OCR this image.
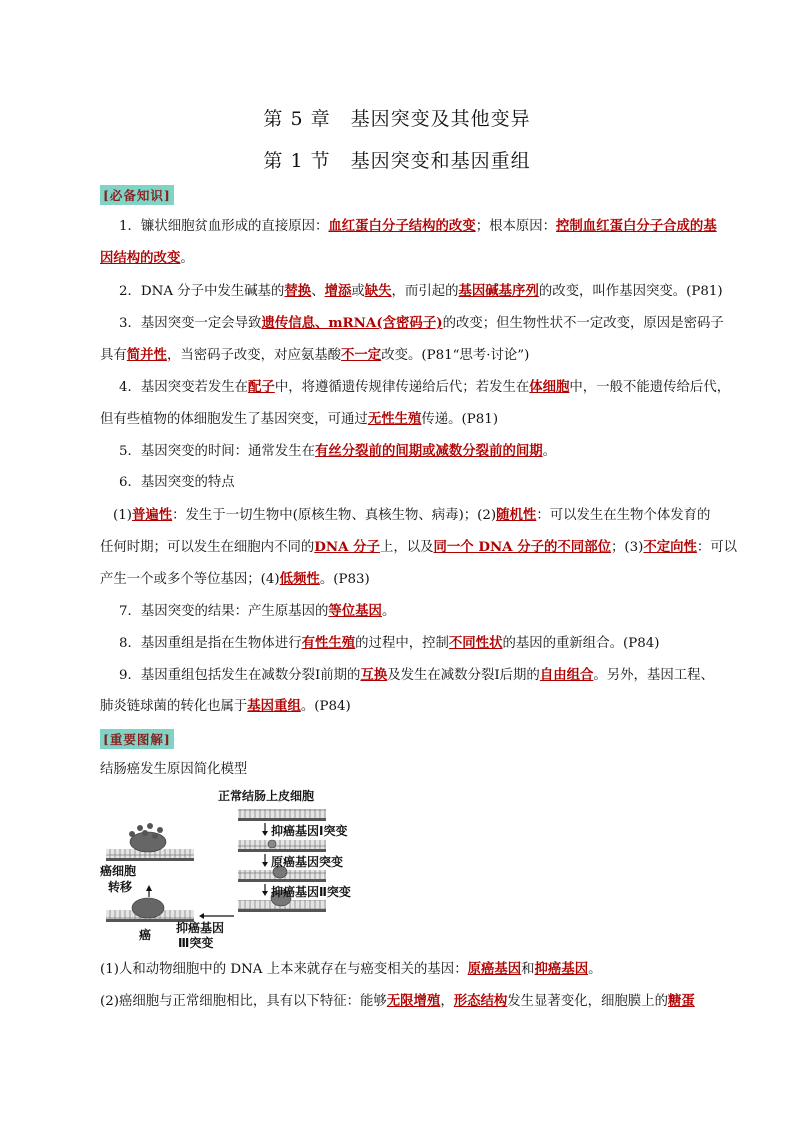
第 5 章　基因突变及其他变异
第 1 节　基因突变和基因重组
[必备知识]
1．镰状细胞贫血形成的直接原因：血红蛋白分子结构的改变；根本原因：控制血红蛋白分子合成的基
因结构的改变。
2．DNA 分子中发生碱基的替换、增添或缺失，而引起的基因碱基序列的改变，叫作基因突变。(P81)
3．基因突变一定会导致遗传信息、mRNA(含密码子)的改变；但生物性状不一定改变，原因是密码子
具有简并性，当密码子改变，对应氨基酸不一定改变。(P81“思考·讨论”)
4．基因突变若发生在配子中，将遵循遗传规律传递给后代；若发生在体细胞中，一般不能遗传给后代，
但有些植物的体细胞发生了基因突变，可通过无性生殖传递。(P81)
5．基因突变的时间：通常发生在有丝分裂前的间期或减数分裂前的间期。
6．基因突变的特点
(1)普遍性：发生于一切生物中(原核生物、真核生物、病毒)；(2)随机性：可以发生在生物个体发育的
任何时期；可以发生在细胞内不同的DNA 分子上，以及同一个 DNA 分子的不同部位；(3)不定向性：可以
产生一个或多个等位基因；(4)低频性。(P83)
7．基因突变的结果：产生原基因的等位基因。
8．基因重组是指在生物体进行有性生殖的过程中，控制不同性状的基因的重新组合。(P84)
9．基因重组包括发生在减数分裂Ⅰ前期的互换及发生在减数分裂Ⅰ后期的自由组合。另外，基因工程、
肺炎链球菌的转化也属于基因重组。(P84)
[重要图解]
结肠癌发生原因简化模型
正常结肠上皮细胞
抑癌基因Ⅰ突变
原癌基因突变
抑癌基因Ⅱ突变
抑癌基因
Ⅲ突变
癌
癌细胞
转移
(1)人和动物细胞中的 DNA 上本来就存在与癌变相关的基因：原癌基因和抑癌基因。
(2)癌细胞与正常细胞相比，具有以下特征：能够无限增殖，形态结构发生显著变化，细胞膜上的糖蛋
